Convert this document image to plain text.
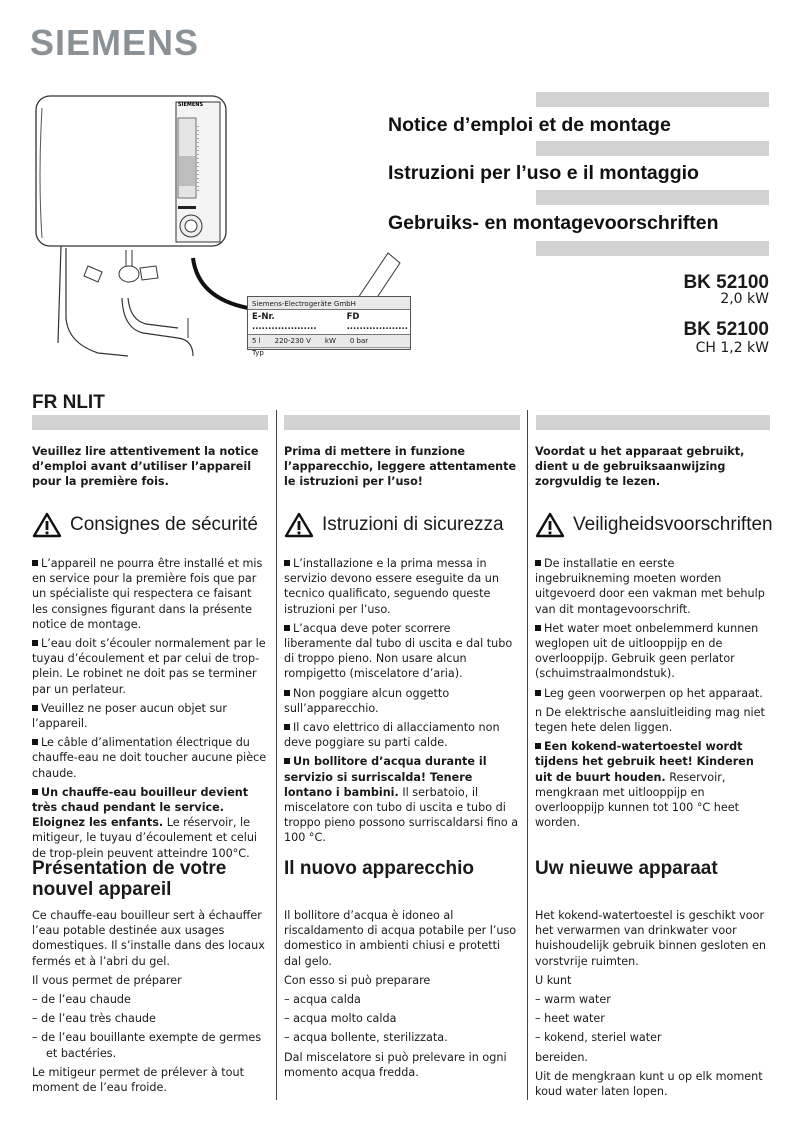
SIEMENS
SIEMENS
Siemens-Electrogeräte GmbH
E-Nr. ....................
FD ...................
5 l 220-230 V kW 0 bar
Typ
Notice d’emploi et de montage
Istruzioni per l’uso e il montaggio
Gebruiks- en montagevoorschriften
BK 52100
2,0 kW
BK 52100
CH 1,2 kW
FR NLIT

Veuillez lire attentivement la notice d’emploi avant d’utiliser l’appareil pour la première fois.

Consignes de sécurité

L’appareil ne pourra être installé et mis en service pour la première fois que par un spécialiste qui respectera ce faisant les consignes figurant dans la présente notice de montage.

L’eau doit s’écouler normalement par le tuyau d’écoulement et par celui de trop-plein. Le robinet ne doit pas se terminer par un perlateur.

Veuillez ne poser aucun objet sur l’appareil.

Le câble d’alimentation électrique du chauffe-eau ne doit toucher aucune pièce chaude.

Un chauffe-eau bouilleur devient très chaud pendant le service. Eloignez les enfants. Le réservoir, le mitigeur, le tuyau d’écoulement et celui de trop-plein peuvent atteindre 100°C.

Présentation de votre nouvel appareil

Ce chauffe-eau bouilleur sert à échauffer l’eau potable destinée aux usages domestiques. Il s’installe dans des locaux fermés et à l’abri du gel.

Il vous permet de préparer

– de l’eau chaude

– de l’eau très chaude

– de l’eau bouillante exempte de germes et bactéries.

Le mitigeur permet de prélever à tout moment de l’eau froide.

Prima di mettere in funzione l’apparecchio, leggere attentamente le istruzioni per l’uso!

Istruzioni di sicurezza

L’installazione e la prima messa in servizio devono essere eseguite da un tecnico qualificato, seguendo queste istruzioni per l’uso.

L’acqua deve poter scorrere liberamente dal tubo di uscita e dal tubo di troppo pieno. Non usare alcun rompigetto (miscelatore d’aria).

Non poggiare alcun oggetto sull’apparecchio.

Il cavo elettrico di allacciamento non deve poggiare su parti calde.

Un bollitore d’acqua durante il servizio si surriscalda! Tenere lontano i bambini. Il serbatoio, il miscelatore con tubo di uscita e tubo di troppo pieno possono surriscaldarsi fino a 100 °C.

Il nuovo apparecchio

Il bollitore d’acqua è idoneo al riscaldamento di acqua potabile per l’uso domestico in ambienti chiusi e protetti dal gelo.

Con esso si può preparare

– acqua calda

– acqua molto calda

– acqua bollente, sterilizzata.

Dal miscelatore si può prelevare in ogni momento acqua fredda.

Voordat u het apparaat gebruikt, dient u de gebruiksaanwijzing zorgvuldig te lezen.

Veiligheidsvoorschriften

De installatie en eerste ingebruikneming moeten worden uitgevoerd door een vakman met behulp van dit montagevoorschrift.

Het water moet onbelemmerd kunnen weglopen uit de uitlooppijp en de overlooppijp. Gebruik geen perlator (schuimstraalmondstuk).

Leg geen voorwerpen op het apparaat.

n De elektrische aansluitleiding mag niet tegen hete delen liggen.

Een kokend-watertoestel wordt tijdens het gebruik heet! Kinderen uit de buurt houden. Reservoir, mengkraan met uitlooppijp en overlooppijp kunnen tot 100 °C heet worden.

Uw nieuwe apparaat

Het kokend-watertoestel is geschikt voor het verwarmen van drinkwater voor huishoudelijk gebruik binnen gesloten en vorstvrije ruimten.

U kunt

– warm water

– heet water

– kokend, steriel water

bereiden.

Uit de mengkraan kunt u op elk moment koud water laten lopen.
